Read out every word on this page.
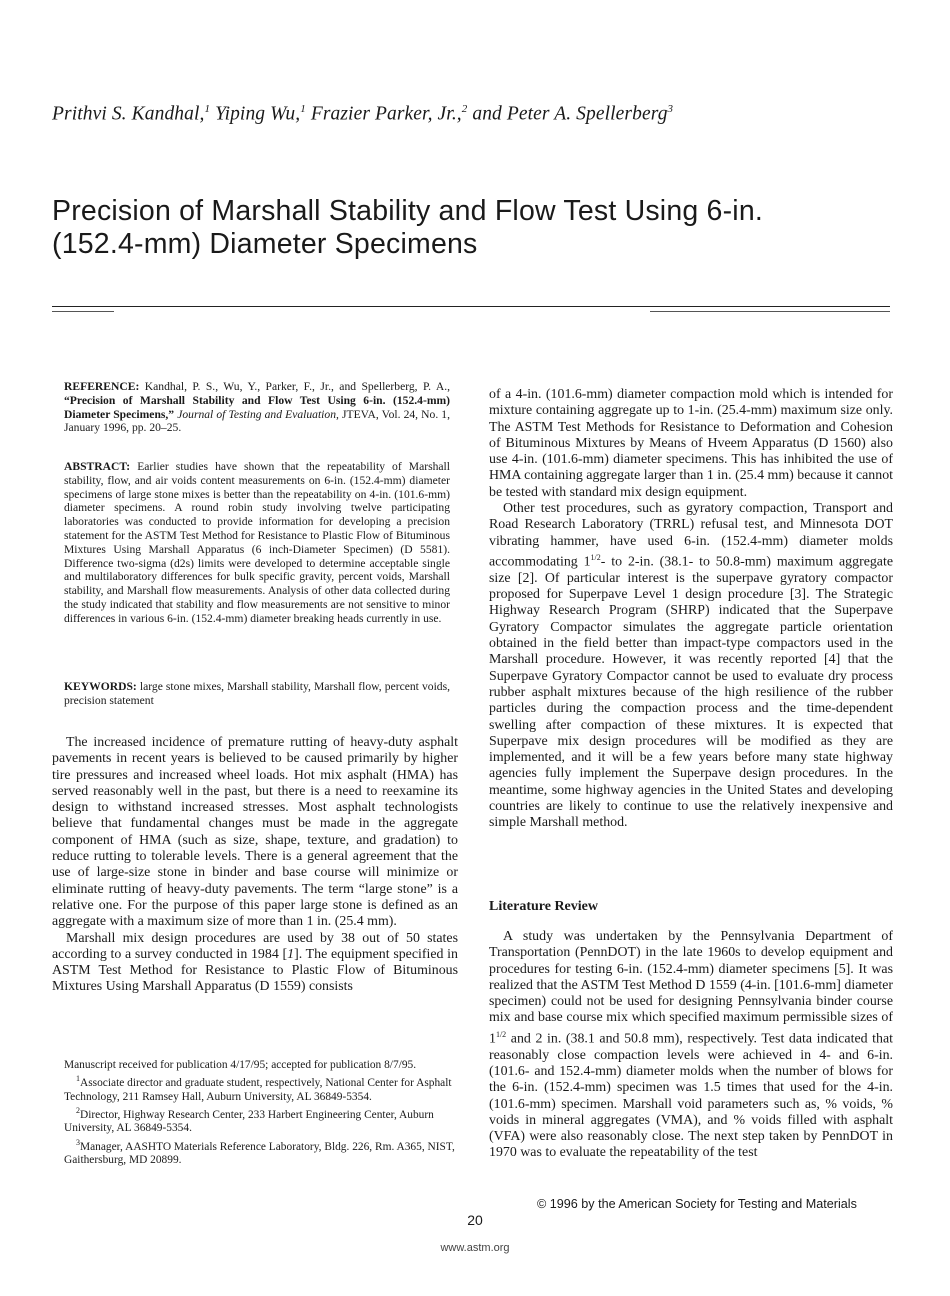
Prithvi S. Kandhal,$^1$ Yiping Wu,$^1$ Frazier Parker, Jr.,$^2$ and Peter A. Spellerberg$^3$
Precision of Marshall Stability and Flow Test Using 6-in.
(152.4-mm) Diameter Specimens
REFERENCE: Kandhal, P. S., Wu, Y., Parker, F., Jr., and Spellerberg, P. A., “Precision of Marshall Stability and Flow Test Using 6-in. (152.4-mm) Diameter Specimens,” Journal of Testing and Evaluation, JTEVA, Vol. 24, No. 1, January 1996, pp. 20–25.
ABSTRACT: Earlier studies have shown that the repeatability of Marshall stability, flow, and air voids content measurements on 6-in. (152.4-mm) diameter specimens of large stone mixes is better than the repeatability on 4-in. (101.6-mm) diameter specimens. A round robin study involving twelve participating laboratories was conducted to provide information for developing a precision statement for the ASTM Test Method for Resistance to Plastic Flow of Bituminous Mixtures Using Marshall Apparatus (6 inch-Diameter Specimen) (D 5581). Difference two-sigma (d2s) limits were developed to determine acceptable single and multilaboratory differences for bulk specific gravity, percent voids, Marshall stability, and Marshall flow measurements. Analysis of other data collected during the study indicated that stability and flow measurements are not sensitive to minor differences in various 6-in. (152.4-mm) diameter breaking heads currently in use.
KEYWORDS: large stone mixes, Marshall stability, Marshall flow, percent voids, precision statement

The increased incidence of premature rutting of heavy-duty asphalt pavements in recent years is believed to be caused primarily by higher tire pressures and increased wheel loads. Hot mix asphalt (HMA) has served reasonably well in the past, but there is a need to reexamine its design to withstand increased stresses. Most asphalt technologists believe that fundamental changes must be made in the aggregate component of HMA (such as size, shape, texture, and gradation) to reduce rutting to tolerable levels. There is a general agreement that the use of large-size stone in binder and base course will minimize or eliminate rutting of heavy-duty pavements. The term “large stone” is a relative one. For the purpose of this paper large stone is defined as an aggregate with a maximum size of more than 1 in. (25.4 mm).

Marshall mix design procedures are used by 38 out of 50 states according to a survey conducted in 1984 [1]. The equipment specified in ASTM Test Method for Resistance to Plastic Flow of Bituminous Mixtures Using Marshall Apparatus (D 1559) consists

Manuscript received for publication 4/17/95; accepted for publication 8/7/95.

$^1$Associate director and graduate student, respectively, National Center for Asphalt Technology, 211 Ramsey Hall, Auburn University, AL 36849-5354.

$^2$Director, Highway Research Center, 233 Harbert Engineering Center, Auburn University, AL 36849-5354.

$^3$Manager, AASHTO Materials Reference Laboratory, Bldg. 226, Rm. A365, NIST, Gaithersburg, MD 20899.

of a 4-in. (101.6-mm) diameter compaction mold which is intended for mixture containing aggregate up to 1-in. (25.4-mm) maximum size only. The ASTM Test Methods for Resistance to Deformation and Cohesion of Bituminous Mixtures by Means of Hveem Apparatus (D 1560) also use 4-in. (101.6-mm) diameter specimens. This has inhibited the use of HMA containing aggregate larger than 1 in. (25.4 mm) because it cannot be tested with standard mix design equipment.

Other test procedures, such as gyratory compaction, Transport and Road Research Laboratory (TRRL) refusal test, and Minnesota DOT vibrating hammer, have used 6-in. (152.4-mm) diameter molds accommodating $1^{1/2}-$ to 2-in. (38.1- to 50.8-mm) maximum aggregate size [2]. Of particular interest is the superpave gyratory compactor proposed for Superpave Level 1 design procedure [3]. The Strategic Highway Research Program (SHRP) indicated that the Superpave Gyratory Compactor simulates the aggregate particle orientation obtained in the field better than impact-type compactors used in the Marshall procedure. However, it was recently reported [4] that the Superpave Gyratory Compactor cannot be used to evaluate dry process rubber asphalt mixtures because of the high resilience of the rubber particles during the compaction process and the time-dependent swelling after compaction of these mixtures. It is expected that Superpave mix design procedures will be modified as they are implemented, and it will be a few years before many state highway agencies fully implement the Superpave design procedures. In the meantime, some highway agencies in the United States and developing countries are likely to continue to use the relatively inexpensive and simple Marshall method.

Literature Review

A study was undertaken by the Pennsylvania Department of Transportation (PennDOT) in the late 1960s to develop equipment and procedures for testing 6-in. (152.4-mm) diameter specimens [5]. It was realized that the ASTM Test Method D 1559 (4-in. [101.6-mm] diameter specimen) could not be used for designing Pennsylvania binder course mix and base course mix which specified maximum permissible sizes of $1^{1/2}$ and 2 in. (38.1 and 50.8 mm), respectively. Test data indicated that reasonably close compaction levels were achieved in 4- and 6-in. (101.6- and 152.4-mm) diameter molds when the number of blows for the 6-in. (152.4-mm) specimen was 1.5 times that used for the 4-in. (101.6-mm) specimen. Marshall void parameters such as, % voids, % voids in mineral aggregates (VMA), and % voids filled with asphalt (VFA) were also reasonably close. The next step taken by PennDOT in 1970 was to evaluate the repeatability of the test

© 1996 by the American Society for Testing and Materials
20
www.astm.org
